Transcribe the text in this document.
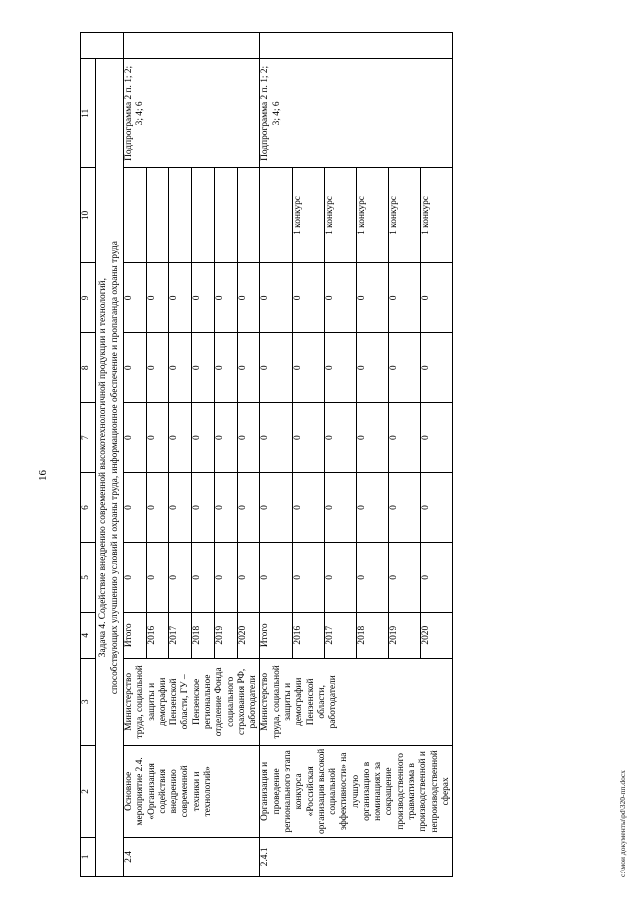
16
c:\мои документы\pd\320-пп.docx
1	2	3	4	5	6	7	8	9	10	11	

Задача 4. Содействие внедрению современной высокотехнологичной продукции и технологий, способствующих улучшению условий и охраны труда, информационное обеспечение и пропаганда охраны труда											

2.4	Основное мероприятие 2.4. «Организация содействия внедрению современной техники и технологий»	Министерство труда, социальной защиты и демографии Пензенской области, ГУ – Пензенское региональное отделение Фонда социального страхования РФ, работодатели	Итого	0	0	0	0	0		Подпрограмма 2 п. 1; 2; 3; 4; 6	
			2016	0	0	0	0	0			
			2017	0	0	0	0	0			
			2018	0	0	0	0	0			
			2019	0	0	0	0	0			
			2020	0	0	0	0	0			
2.4.1	Организация и проведение регионального этапа конкурса «Российская организация высокой социальной эффективности» на лучшую организацию в номинациях за сокращение производственного травматизма в производственной и непроизводственной сферах	Министерство труда, социальной защиты и демографии Пензенской области, работодатели	Итого	0	0	0	0	0		Подпрограмма 2 п. 1; 2; 3; 4; 6	
			2016	0	0	0	0	0	1 конкурс		
			2017	0	0	0	0	0	1 конкурс		
			2018	0	0	0	0	0	1 конкурс		
			2019	0	0	0	0	0	1 конкурс		
			2020	0	0	0	0	0	1 конкурс		
